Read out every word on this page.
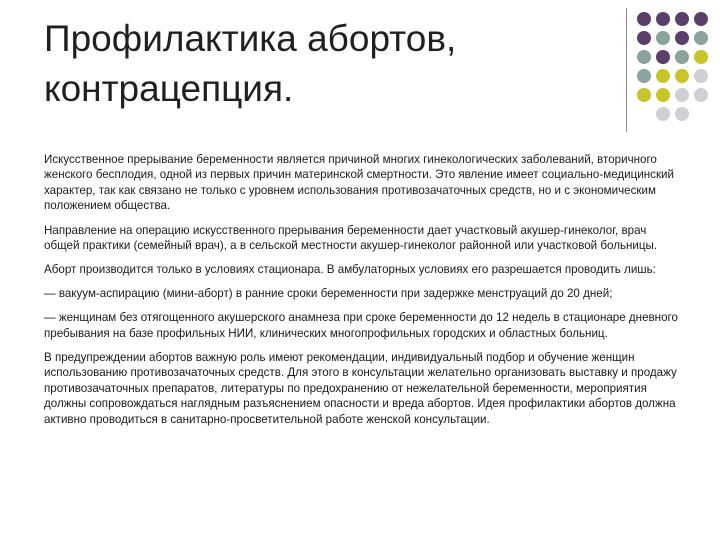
Профилактика абортов,
контрацепция.

Искусственное прерывание беременности является причиной многих гинекологических заболеваний, вторичного женского бесплодия, одной из первых причин материнской смертности. Это явление имеет социально-медицинский характер, так как связано не только с уровнем использования противозачаточных средств, но и с экономическим положением общества.

Направление на операцию искусственного прерывания беременности дает участковый акушер-гинеколог, врач общей практики (семейный врач), а в сельской местности акушер-гинеколог районной или участковой больницы.

Аборт производится только в условиях стационара. В амбулаторных условиях его разрешается проводить лишь:

— вакуум-аспирацию (мини-аборт) в ранние сроки беременности при задержке менструаций до 20 дней;

— женщинам без отягощенного акушерского анамнеза при сроке беременности до 12 недель в стационаре дневного пребывания на базе профильных НИИ, клинических многопрофильных городских и областных больниц.

В предупреждении абортов важную роль имеют рекомендации, индивидуальный подбор и обучение женщин использованию противозачаточных средств. Для этого в консультации желательно организовать выставку и продажу противозачаточных препаратов, литературы по предохранению от нежелательной беременности, мероприятия должны сопровождаться наглядным разъяснением опасности и вреда абортов. Идея профилактики абортов должна активно проводиться в санитарно-просветительной работе женской консультации.
